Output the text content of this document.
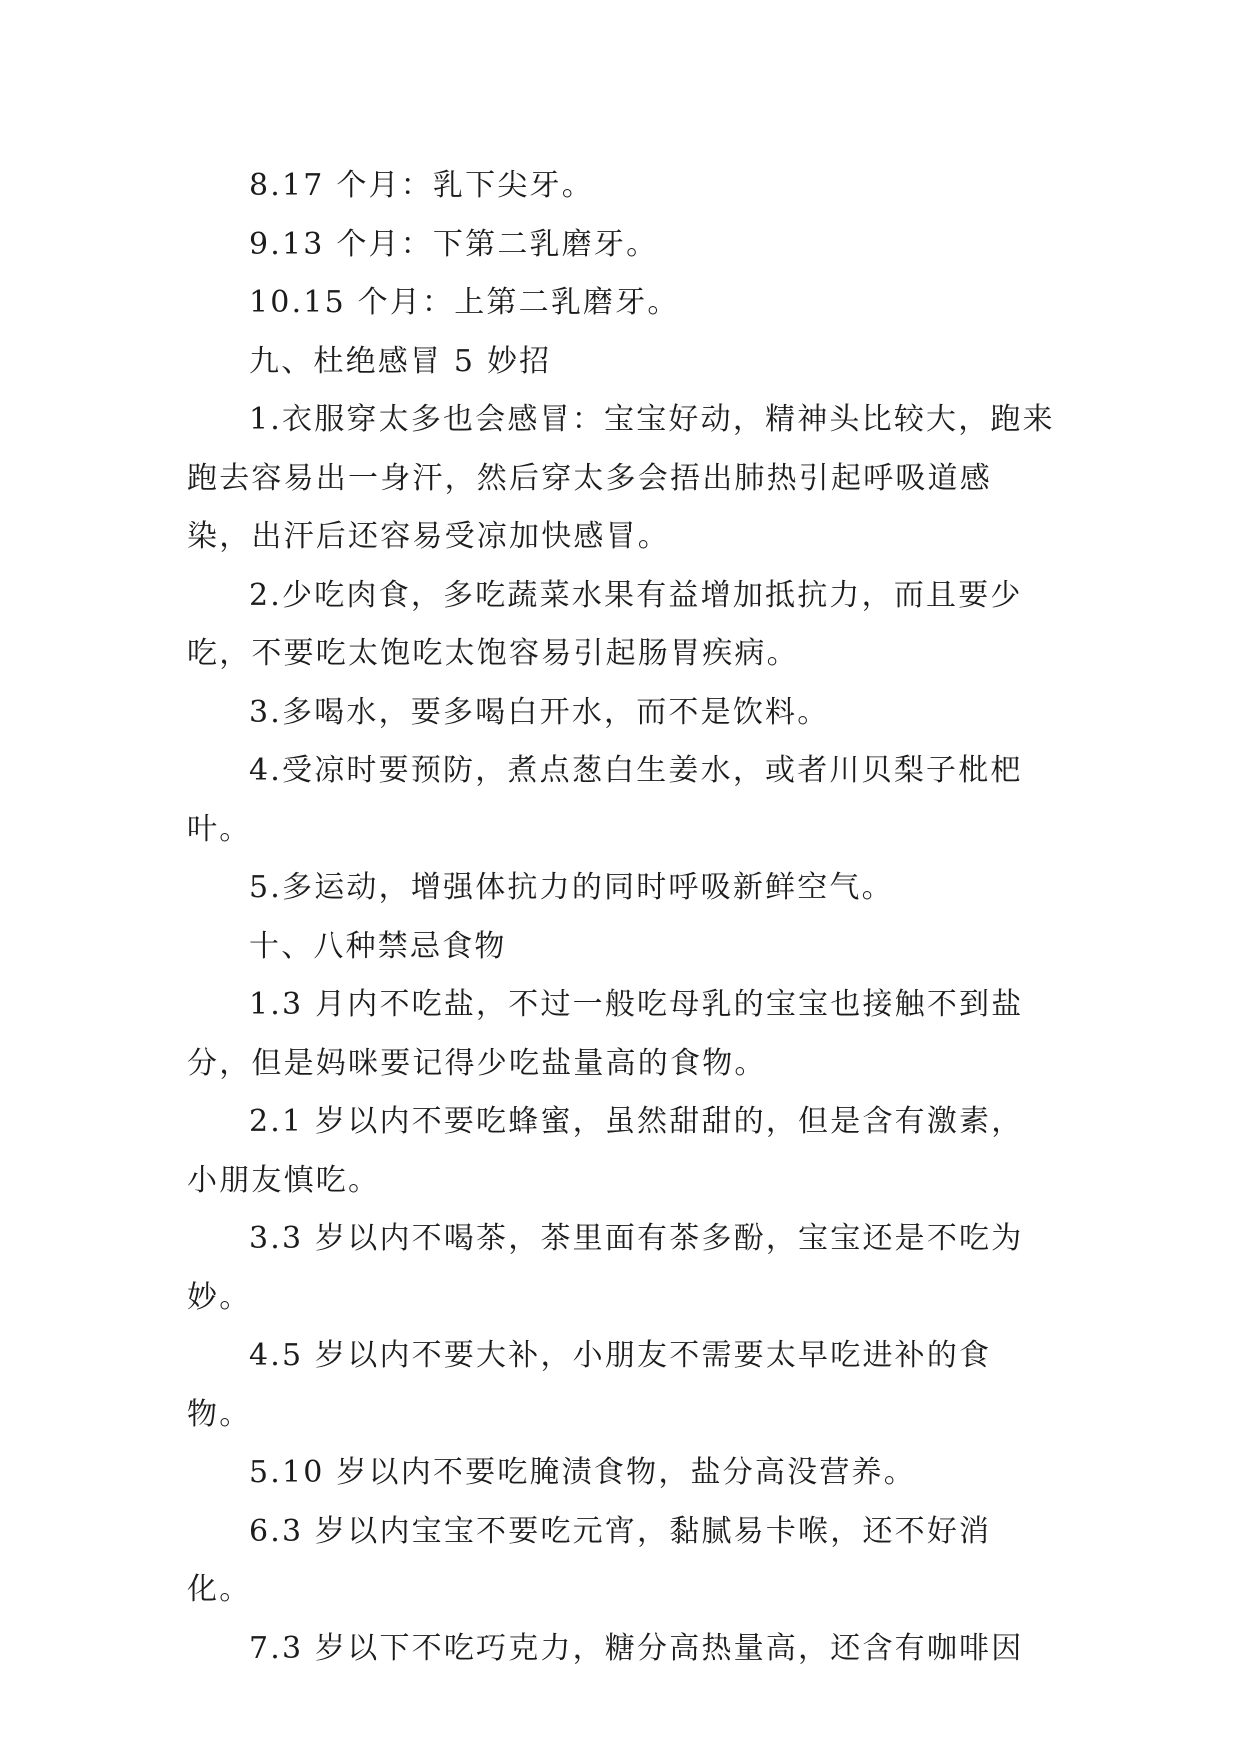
8.17 个月：乳下尖牙。

9.13 个月：下第二乳磨牙。

10.15 个月：上第二乳磨牙。

九、杜绝感冒 5 妙招

1.衣服穿太多也会感冒：宝宝好动，精神头比较大，跑来跑去容易出一身汗，然后穿太多会捂出肺热引起呼吸道感染，出汗后还容易受凉加快感冒。

2.少吃肉食，多吃蔬菜水果有益增加抵抗力，而且要少吃，不要吃太饱吃太饱容易引起肠胃疾病。

3.多喝水，要多喝白开水，而不是饮料。

4.受凉时要预防，煮点葱白生姜水，或者川贝梨子枇杷叶。

5.多运动，增强体抗力的同时呼吸新鲜空气。

十、八种禁忌食物

1.3 月内不吃盐，不过一般吃母乳的宝宝也接触不到盐分，但是妈咪要记得少吃盐量高的食物。

2.1 岁以内不要吃蜂蜜，虽然甜甜的，但是含有激素，小朋友慎吃。

3.3 岁以内不喝茶，茶里面有茶多酚，宝宝还是不吃为妙。

4.5 岁以内不要大补，小朋友不需要太早吃进补的食物。

5.10 岁以内不要吃腌渍食物，盐分高没营养。

6.3 岁以内宝宝不要吃元宵，黏腻易卡喉，还不好消化。

7.3 岁以下不吃巧克力，糖分高热量高，还含有咖啡因
